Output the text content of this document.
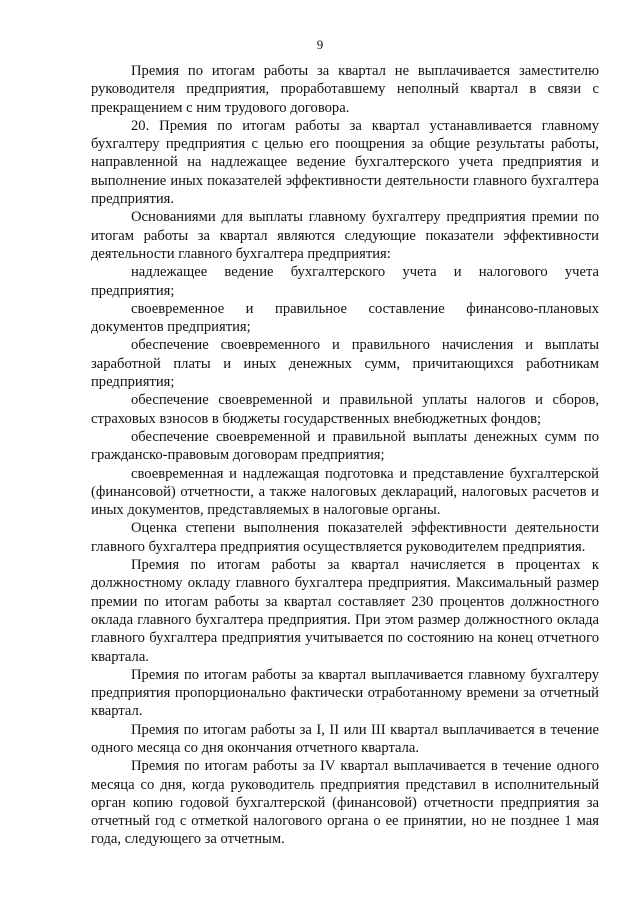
9

Премия по итогам работы за квартал не выплачивается заместителю руководителя предприятия, проработавшему неполный квартал в связи с прекращением с ним трудового договора.

20. Премия по итогам работы за квартал устанавливается главному бухгалтеру предприятия с целью его поощрения за общие результаты работы, направленной на надлежащее ведение бухгалтерского учета предприятия и выполнение иных показателей эффективности деятельности главного бухгалтера предприятия.

Основаниями для выплаты главному бухгалтеру предприятия премии по итогам работы за квартал являются следующие показатели эффективности деятельности главного бухгалтера предприятия:

надлежащее ведение бухгалтерского учета и налогового учета предприятия;

своевременное и правильное составление финансово-плановых документов предприятия;

обеспечение своевременного и правильного начисления и выплаты заработной платы и иных денежных сумм, причитающихся работникам предприятия;

обеспечение своевременной и правильной уплаты налогов и сборов, страховых взносов в бюджеты государственных внебюджетных фондов;

обеспечение своевременной и правильной выплаты денежных сумм по гражданско-правовым договорам предприятия;

своевременная и надлежащая подготовка и представление бухгалтерской (финансовой) отчетности, а также налоговых деклараций, налоговых расчетов и иных документов, представляемых в налоговые органы.

Оценка степени выполнения показателей эффективности деятельности главного бухгалтера предприятия осуществляется руководителем предприятия.

Премия по итогам работы за квартал начисляется в процентах к должностному окладу главного бухгалтера предприятия. Максимальный размер премии по итогам работы за квартал составляет 230 процентов должностного оклада главного бухгалтера предприятия. При этом размер должностного оклада главного бухгалтера предприятия учитывается по состоянию на конец отчетного квартала.

Премия по итогам работы за квартал выплачивается главному бухгалтеру предприятия пропорционально фактически отработанному времени за отчетный квартал.

Премия по итогам работы за I, II или III квартал выплачивается в течение одного месяца со дня окончания отчетного квартала.

Премия по итогам работы за IV квартал выплачивается в течение одного месяца со дня, когда руководитель предприятия представил в исполнительный орган копию годовой бухгалтерской (финансовой) отчетности предприятия за отчетный год с отметкой налогового органа о ее принятии, но не позднее 1 мая года, следующего за отчетным.
